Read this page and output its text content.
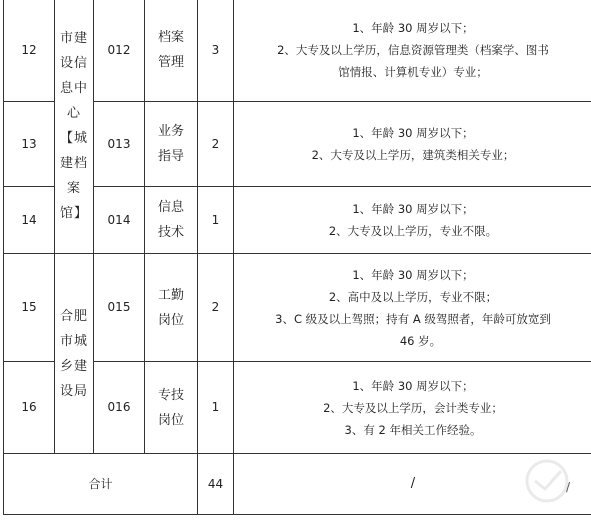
12	市建设信息中心【城建档案馆】	012	档案管理	3	1、年龄 30 周岁以下；
2、大专及以上学历，信息资源管理类（档案学、图书
馆情报、计算机专业）专业；

13		013	业务指导	2	1、年龄 30 周岁以下；
2、大专及以上学历，建筑类相关专业；

14		014	信息技术	1	1、年龄 30 周岁以下；
2、大专及以上学历，专业不限。

15	合肥市城乡建设局	015	工勤岗位	2	1、年龄 30 周岁以下；
2、高中及以上学历，专业不限；
3、C 级及以上驾照；持有 A 级驾照者，年龄可放宽到
46 岁。

16		016	专技岗位	1	1、年龄 30 周岁以下；
2、大专及以上学历，会计类专业；
3、有 2 年相关工作经验。

合计				44	/ /
